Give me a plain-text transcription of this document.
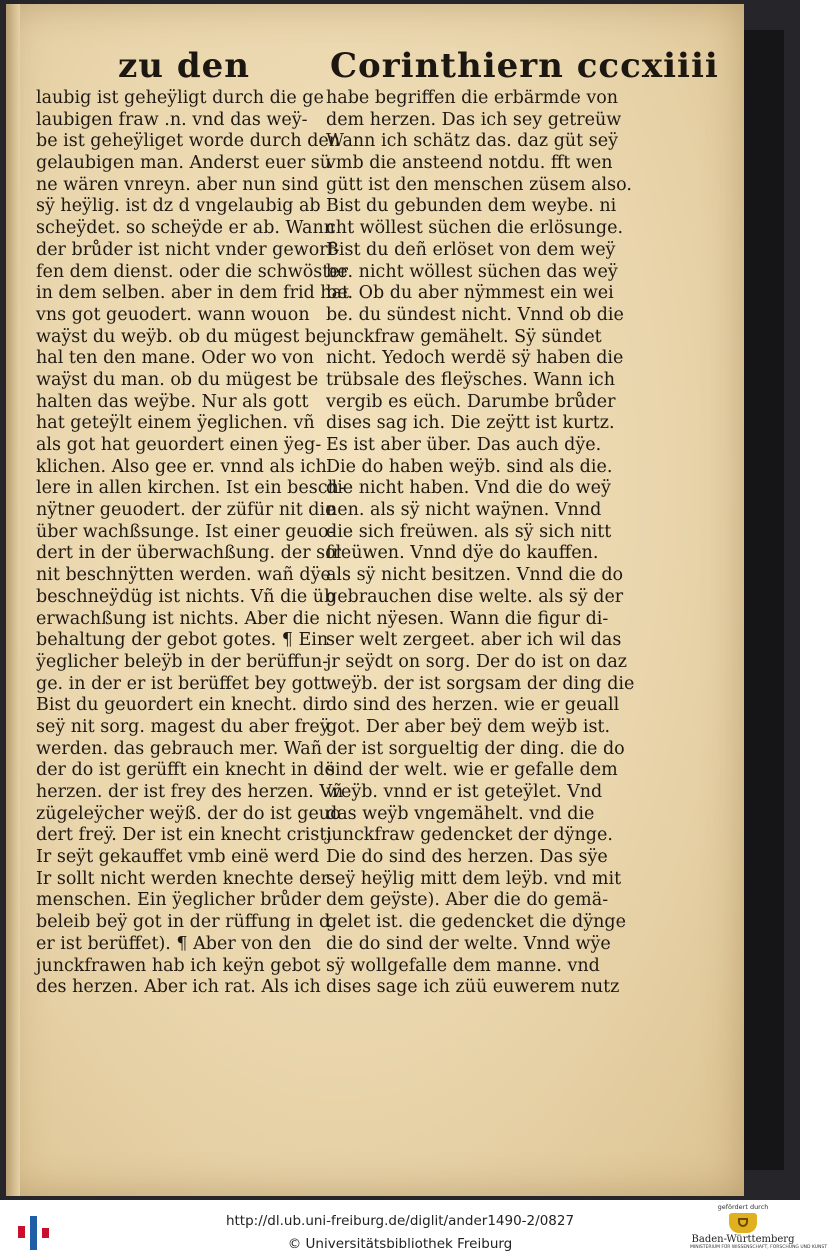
zu den Corinthiern cccxiiii
laubig ist geheÿligt durch die ge
laubigen fraw .n. vnd das weÿ-
be ist geheÿliget worde durch den
gelaubigen man. Anderst euer sü
ne wären vnreyn. aber nun sind
sÿ heÿlig. ist dz d vngelaubig ab
scheÿdet. so scheÿde er ab. Wann
der brůder ist nicht vnder geworf-
fen dem dienst. oder die schwöster
in dem selben. aber in dem frid hat
vns got geuodert. wann wouon
waÿst du weÿb. ob du mügest be
hal ten den mane. Oder wo von
waÿst du man. ob du mügest be
halten das weÿbe. Nur als gott
hat geteÿlt einem ÿeglichen. vñ
als got hat geuordert einen ÿeg-
klichen. Also gee er. vnnd als ich
lere in allen kirchen. Ist ein besch-
nÿtner geuodert. der züfür nit die
über wachßsunge. Ist einer geuo-
dert in der überwachßung. der sol
nit beschnÿtten werden. wañ dÿe
beschneÿdüg ist nichts. Vñ die üb
erwachßung ist nichts. Aber die
behaltung der gebot gotes. ¶ Ein
ÿeglicher beleÿb in der berüffun-
ge. in der er ist berüffet bey gott.
Bist du geuordert ein knecht. dir
seÿ nit sorg. magest du aber freÿ
werden. das gebrauch mer. Wañ
der do ist gerüfft ein knecht in dë
herzen. der ist frey des herzen. Vñ
zügeleÿcher weÿß. der do ist geuo
dert freÿ. Der ist ein knecht cristi
Ir seÿt gekauffet vmb einë werd
Ir sollt nicht werden knechte der
menschen. Ein ÿeglicher brůder
beleib beÿ got in der rüffung in d
er ist berüffet). ¶ Aber von den
junckfrawen hab ich keÿn gebot
des herzen. Aber ich rat. Als ich
habe begriffen die erbärmde von
dem herzen. Das ich sey getreüw
Wann ich schätz das. daz güt seÿ
vmb die ansteend notdu. fft wen
gütt ist den menschen züsem also.
Bist du gebunden dem weybe. ni
cht wöllest süchen die erlösunge.
Bist du deñ erlöset von dem weÿ
be. nicht wöllest süchen das weÿ
be. Ob du aber nÿmmest ein wei
be. du sündest nicht. Vnnd ob die
junckfraw gemähelt. Sÿ sündet
nicht. Yedoch werdë sÿ haben die
trübsale des fleÿsches. Wann ich
vergib es eüch. Darumbe brůder
dises sag ich. Die zeÿtt ist kurtz.
Es ist aber über. Das auch dÿe.
Die do haben weÿb. sind als die.
die nicht haben. Vnd die do weÿ
nen. als sÿ nicht waÿnen. Vnnd
die sich freüwen. als sÿ sich nitt
freüwen. Vnnd dÿe do kauffen.
als sÿ nicht besitzen. Vnnd die do
gebrauchen dise welte. als sÿ der
nicht nÿesen. Wann die figur di-
ser welt zergeet. aber ich wil das
jr seÿdt on sorg. Der do ist on daz
weÿb. der ist sorgsam der ding die
do sind des herzen. wie er geuall
got. Der aber beÿ dem weÿb ist.
der ist sorgueltig der ding. die do
sind der welt. wie er gefalle dem
weÿb. vnnd er ist geteÿlet. Vnd
das weÿb vngemähelt. vnd die
junckfraw gedencket der dÿnge.
Die do sind des herzen. Das sÿe
seÿ heÿlig mitt dem leÿb. vnd mit
dem geÿste). Aber die do gemä-
gelet ist. die gedencket die dÿnge
die do sind der welte. Vnnd wÿe
sÿ wollgefalle dem manne. vnd
dises sage ich züü euwerem nutz
http://dl.ub.uni-freiburg.de/diglit/ander1490-2/0827
© Universitätsbibliothek Freiburg
gefördert durch
Baden-Württemberg
MINISTERIUM FÜR WISSENSCHAFT, FORSCHUNG UND KUNST
